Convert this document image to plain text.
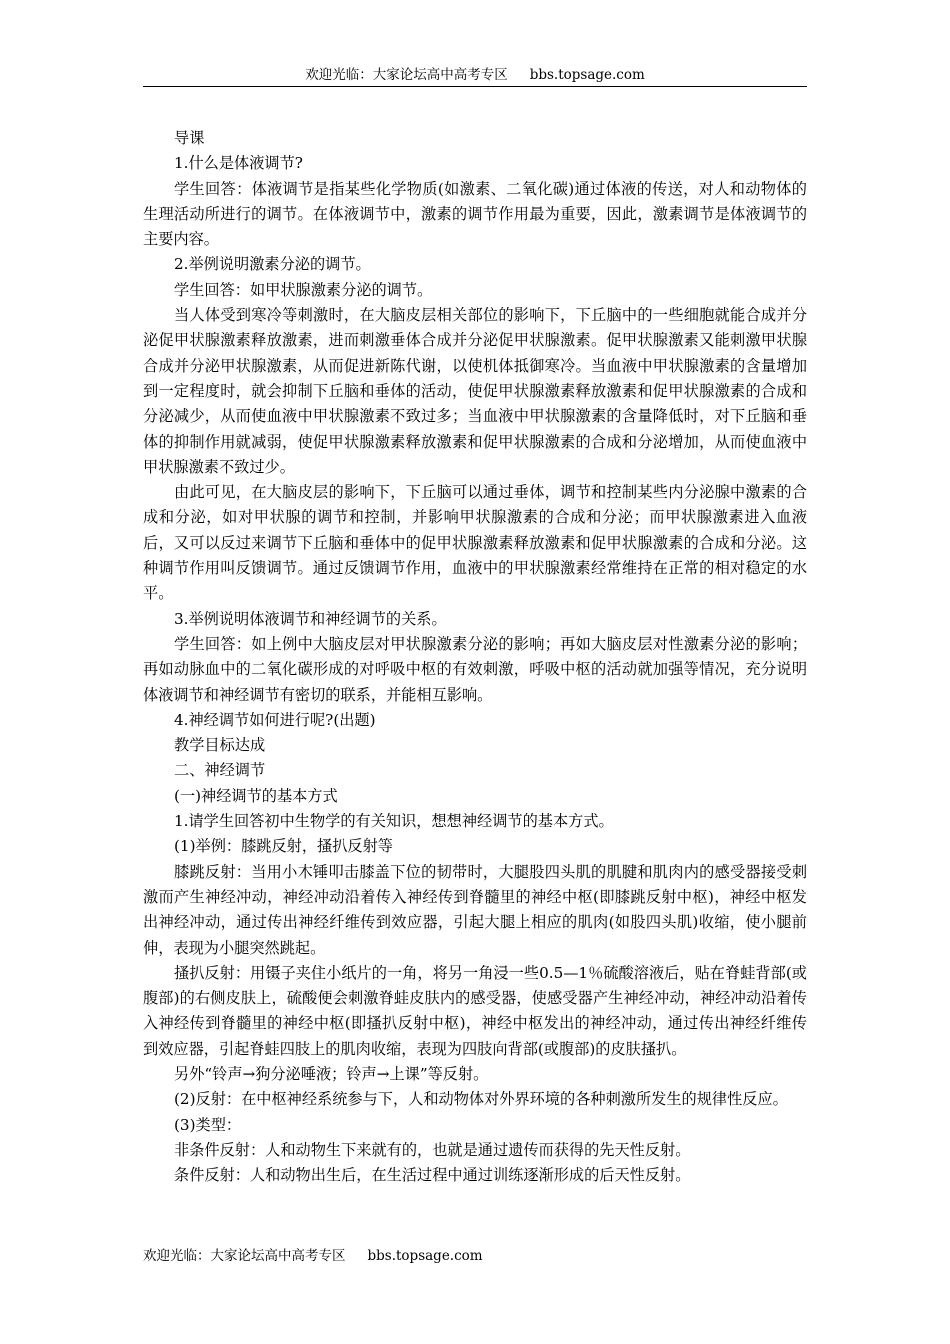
欢迎光临：大家论坛高中高考专区 bbs.topsage.com

导课

1.什么是体液调节?

学生回答：体液调节是指某些化学物质(如激素、二氧化碳)通过体液的传送，对人和动物体的生理活动所进行的调节。在体液调节中，激素的调节作用最为重要，因此，激素调节是体液调节的主要内容。

2.举例说明激素分泌的调节。

学生回答：如甲状腺激素分泌的调节。

当人体受到寒冷等刺激时，在大脑皮层相关部位的影响下，下丘脑中的一些细胞就能合成并分泌促甲状腺激素释放激素，进而刺激垂体合成并分泌促甲状腺激素。促甲状腺激素又能刺激甲状腺合成并分泌甲状腺激素，从而促进新陈代谢，以使机体抵御寒冷。当血液中甲状腺激素的含量增加到一定程度时，就会抑制下丘脑和垂体的活动，使促甲状腺激素释放激素和促甲状腺激素的合成和分泌减少，从而使血液中甲状腺激素不致过多；当血液中甲状腺激素的含量降低时，对下丘脑和垂体的抑制作用就减弱，使促甲状腺激素释放激素和促甲状腺激素的合成和分泌增加，从而使血液中甲状腺激素不致过少。

由此可见，在大脑皮层的影响下，下丘脑可以通过垂体，调节和控制某些内分泌腺中激素的合成和分泌，如对甲状腺的调节和控制，并影响甲状腺激素的合成和分泌；而甲状腺激素进入血液后，又可以反过来调节下丘脑和垂体中的促甲状腺激素释放激素和促甲状腺激素的合成和分泌。这种调节作用叫反馈调节。通过反馈调节作用，血液中的甲状腺激素经常维持在正常的相对稳定的水平。

3.举例说明体液调节和神经调节的关系。

学生回答：如上例中大脑皮层对甲状腺激素分泌的影响；再如大脑皮层对性激素分泌的影响；再如动脉血中的二氧化碳形成的对呼吸中枢的有效刺激，呼吸中枢的活动就加强等情况，充分说明体液调节和神经调节有密切的联系，并能相互影响。

4.神经调节如何进行呢?(出题)

教学目标达成

二、神经调节

(一)神经调节的基本方式

1.请学生回答初中生物学的有关知识，想想神经调节的基本方式。

(1)举例：膝跳反射，搔扒反射等

膝跳反射：当用小木锤叩击膝盖下位的韧带时，大腿股四头肌的肌腱和肌肉内的感受器接受刺激而产生神经冲动，神经冲动沿着传入神经传到脊髓里的神经中枢(即膝跳反射中枢)，神经中枢发出神经冲动，通过传出神经纤维传到效应器，引起大腿上相应的肌肉(如股四头肌)收缩，使小腿前伸，表现为小腿突然跳起。

搔扒反射：用镊子夹住小纸片的一角，将另一角浸一些0.5—1％硫酸溶液后，贴在脊蛙背部(或腹部)的右侧皮肤上，硫酸便会刺激脊蛙皮肤内的感受器，使感受器产生神经冲动，神经冲动沿着传入神经传到脊髓里的神经中枢(即搔扒反射中枢)，神经中枢发出的神经冲动，通过传出神经纤维传到效应器，引起脊蛙四肢上的肌肉收缩，表现为四肢向背部(或腹部)的皮肤搔扒。

另外“铃声→狗分泌唾液；铃声→上课”等反射。

(2)反射：在中枢神经系统参与下，人和动物体对外界环境的各种刺激所发生的规律性反应。

(3)类型：

非条件反射：人和动物生下来就有的，也就是通过遗传而获得的先天性反射。

条件反射：人和动物出生后，在生活过程中通过训练逐渐形成的后天性反射。

欢迎光临：大家论坛高中高考专区 bbs.topsage.com
